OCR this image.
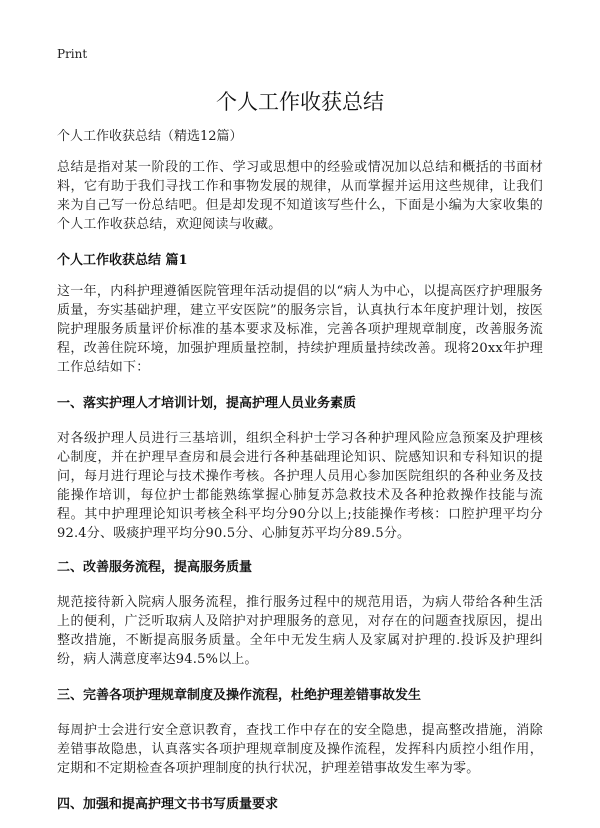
Print

个人工作收获总结

个人工作收获总结（精选12篇）

总结是指对某一阶段的工作、学习或思想中的经验或情况加以总结和概括的书面材料，它有助于我们寻找工作和事物发展的规律，从而掌握并运用这些规律，让我们来为自己写一份总结吧。但是却发现不知道该写些什么，下面是小编为大家收集的个人工作收获总结，欢迎阅读与收藏。

个人工作收获总结 篇1

这一年，内科护理遵循医院管理年活动提倡的以“病人为中心，以提高医疗护理服务质量，夯实基础护理，建立平安医院”的服务宗旨，认真执行本年度护理计划，按医院护理服务质量评价标准的基本要求及标准，完善各项护理规章制度，改善服务流程，改善住院环境，加强护理质量控制，持续护理质量持续改善。现将20xx年护理工作总结如下：

一、落实护理人才培训计划，提高护理人员业务素质

对各级护理人员进行三基培训，组织全科护士学习各种护理风险应急预案及护理核心制度，并在护理早查房和晨会进行各种基础理论知识、院感知识和专科知识的提问，每月进行理论与技术操作考核。各护理人员用心参加医院组织的各种业务及技能操作培训，每位护士都能熟练掌握心肺复苏急救技术及各种抢救操作技能与流程。其中护理理论知识考核全科平均分90分以上;技能操作考核：口腔护理平均分92.4分、吸痰护理平均分90.5分、心肺复苏平均分89.5分。

二、改善服务流程，提高服务质量

规范接待新入院病人服务流程，推行服务过程中的规范用语，为病人带给各种生活上的便利，广泛听取病人及陪护对护理服务的意见，对存在的问题查找原因，提出整改措施，不断提高服务质量。全年中无发生病人及家属对护理的.投诉及护理纠纷，病人满意度率达94.5%以上。

三、完善各项护理规章制度及操作流程，杜绝护理差错事故发生

每周护士会进行安全意识教育，查找工作中存在的安全隐患，提高整改措施，消除差错事故隐患，认真落实各项护理规章制度及操作流程，发挥科内质控小组作用，定期和不定期检查各项护理制度的执行状况，护理差错事故发生率为零。

四、加强和提高护理文书书写质量要求
